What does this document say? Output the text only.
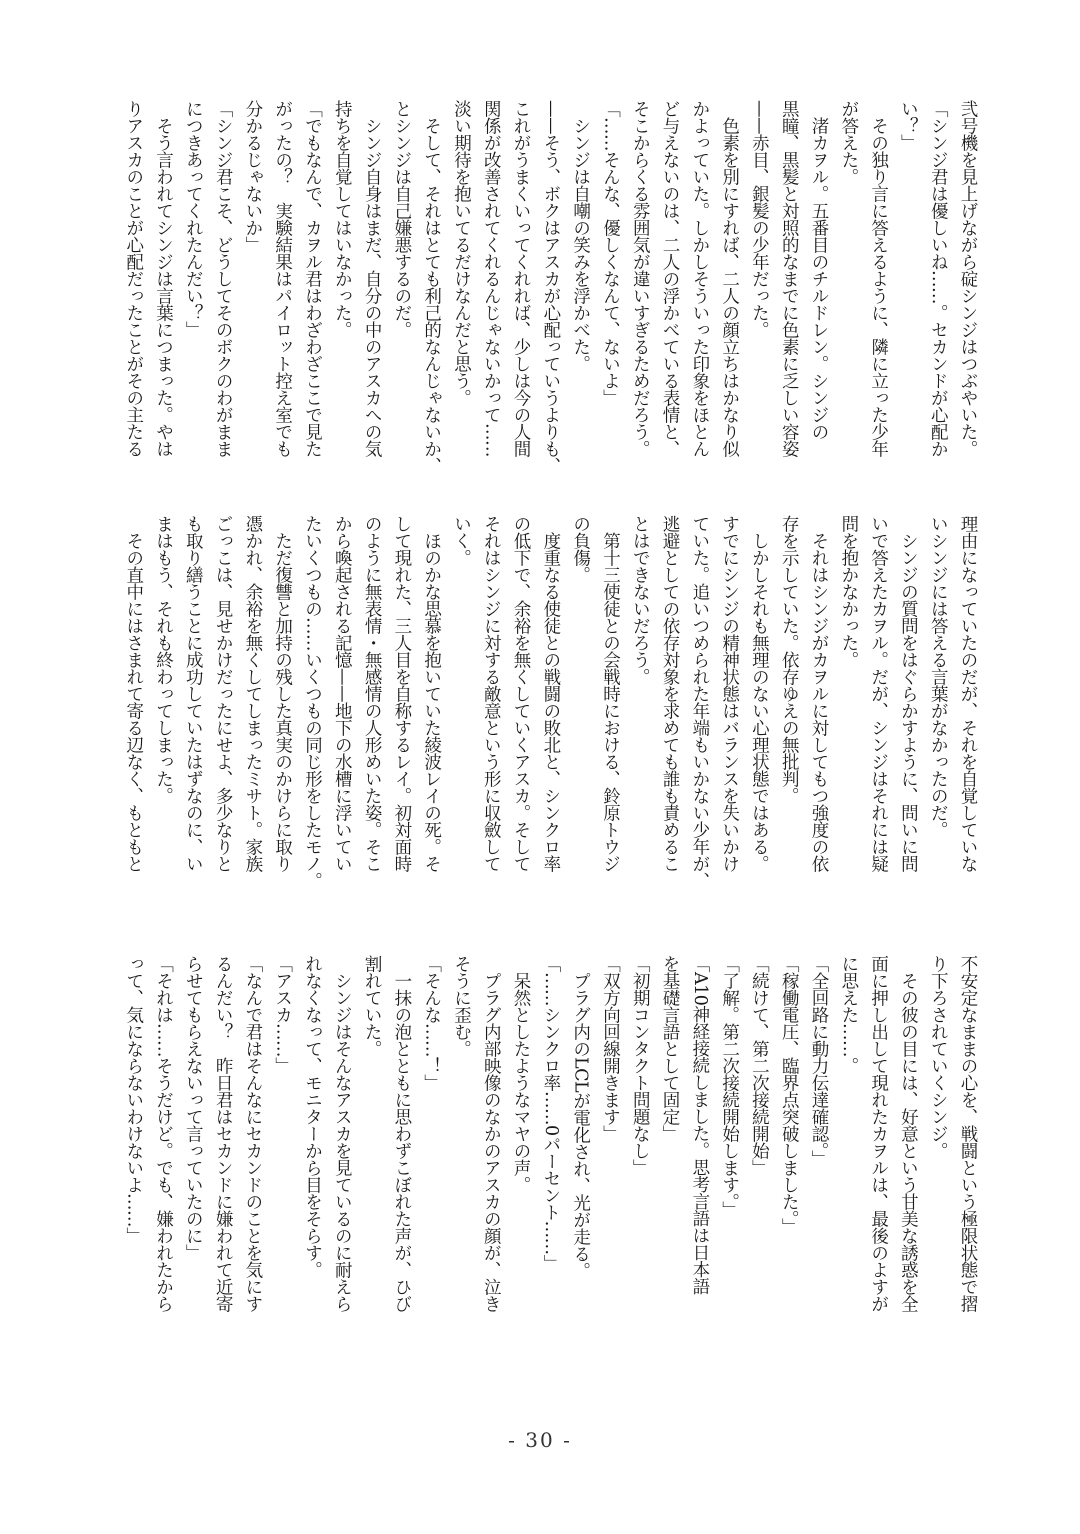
弐号機を見上げながら碇シンジはつぶやいた。
「シンジ君は優しいね……。セカンドが心配か
い？」
　その独り言に答えるように、隣に立った少年
が答えた。
　渚カヲル。五番目のチルドレン。シンジの
黒瞳、黒髪と対照的なまでに色素に乏しい容姿
——赤目、銀髪の少年だった。
　色素を別にすれば、二人の顔立ちはかなり似
かよっていた。しかしそういった印象をほとん
ど与えないのは、二人の浮かべている表情と、
そこからくる雰囲気が違いすぎるためだろう。
「……そんな、優しくなんて、ないよ」
　シンジは自嘲の笑みを浮かべた。
——そう、ボクはアスカが心配っていうよりも、
これがうまくいってくれれば、少しは今の人間
関係が改善されてくれるんじゃないかって……
淡い期待を抱いてるだけなんだと思う。
　そして、それはとても利己的なんじゃないか、
とシンジは自己嫌悪するのだ。
　シンジ自身はまだ、自分の中のアスカへの気
持ちを自覚してはいなかった。
「でもなんで、カヲル君はわざわざここで見た
がったの？　実験結果はパイロット控え室でも
分かるじゃないか」
「シンジ君こそ、どうしてそのボクのわがまま
につきあってくれたんだい？」
　そう言われてシンジは言葉につまった。やは
りアスカのことが心配だったことがその主たる
理由になっていたのだが、それを自覚していな
いシンジには答える言葉がなかったのだ。
　シンジの質問をはぐらかすように、問いに問
いで答えたカヲル。だが、シンジはそれには疑
問を抱かなかった。
　それはシンジがカヲルに対してもつ強度の依
存を示していた。依存ゆえの無批判。
　しかしそれも無理のない心理状態ではある。
すでにシンジの精神状態はバランスを失いかけ
ていた。追いつめられた年端もいかない少年が、
逃避としての依存対象を求めても誰も責めるこ
とはできないだろう。
　第十三使徒との会戦時における、鈴原トウジ
の負傷。
　度重なる使徒との戦闘の敗北と、シンクロ率
の低下で、余裕を無くしていくアスカ。そして
それはシンジに対する敵意という形に収斂して
いく。
　ほのかな思慕を抱いていた綾波レイの死。そ
して現れた、三人目を自称するレイ。初対面時
のように無表情・無感情の人形めいた姿。そこ
から喚起される記憶——地下の水槽に浮いてい
たいくつもの……いくつもの同じ形をしたモノ。
　ただ復讐と加持の残した真実のかけらに取り
憑かれ、余裕を無くしてしまったミサト。家族
ごっこは、見せかけだったにせよ、多少なりと
も取り繕うことに成功していたはずなのに、い
まはもう、それも終わってしまった。
　その直中にはさまれて寄る辺なく、もともと
不安定なままの心を、戦闘という極限状態で摺
り下ろされていくシンジ。
　その彼の目には、好意という甘美な誘惑を全
面に押し出して現れたカヲルは、最後のよすが
に思えた……。
「全回路に動力伝達確認。」
「稼働電圧、臨界点突破しました。」
「続けて、第二次接続開始」
「了解。第二次接続開始します。」
「A10神経接続しました。思考言語は日本語
を基礎言語として固定」
「初期コンタクト問題なし」
「双方向回線開きます」
　プラグ内のLCLが電化され、光が走る。
「……シンクロ率……0パーセント……」
　呆然としたようなマヤの声。
　プラグ内部映像のなかのアスカの顔が、泣き
そうに歪む。
「そんな……！」
　一抹の泡とともに思わずこぼれた声が、ひび
割れていた。
　シンジはそんなアスカを見ているのに耐えら
れなくなって、モニターから目をそらす。
「アスカ……」
「なんで君はそんなにセカンドのことを気にす
るんだい？　昨日君はセカンドに嫌われて近寄
らせてもらえないって言っていたのに」
「それは……そうだけど。でも、嫌われたから
って、気にならないわけないよ……」
- 30 -
